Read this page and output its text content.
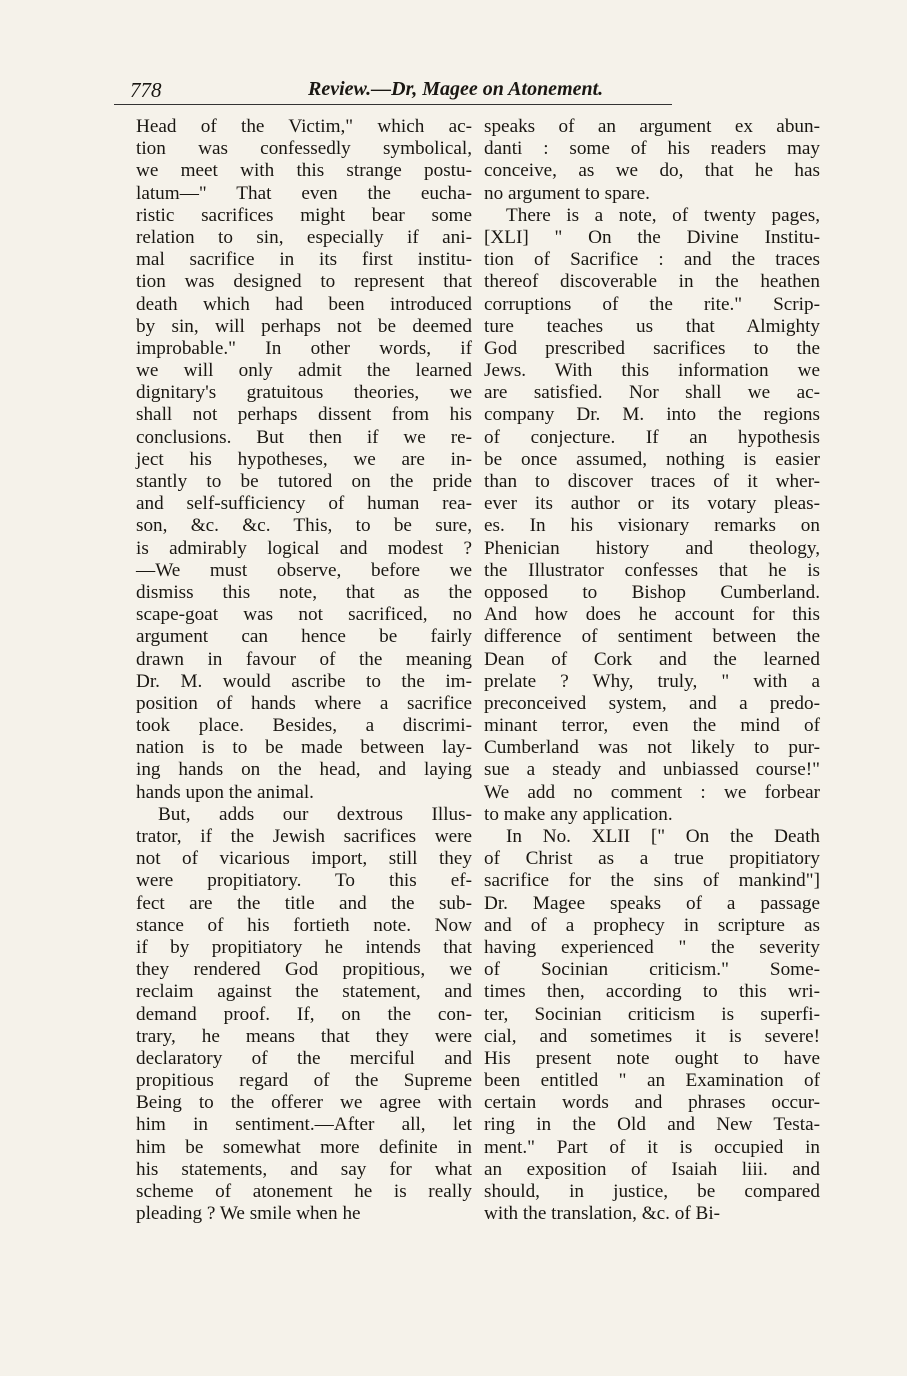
778	Review.—Dr, Magee on Atonement.
Head of the Victim," which ac-
tion was confessedly symbolical,
we meet with this strange postu-
latum—" That even the eucha-
ristic sacrifices might bear some
relation to sin, especially if ani-
mal sacrifice in its first institu-
tion was designed to represent that
death which had been introduced
by sin, will perhaps not be deemed
improbable." In other words, if
we will only admit the learned
dignitary's gratuitous theories, we
shall not perhaps dissent from his
conclusions. But then if we re-
ject his hypotheses, we are in-
stantly to be tutored on the pride
and self-sufficiency of human rea-
son, &c. &c. This, to be sure,
is admirably logical and modest ?
—We must observe, before we
dismiss this note, that as the
scape-goat was not sacrificed, no
argument can hence be fairly
drawn in favour of the meaning
Dr. M. would ascribe to the im-
position of hands where a sacrifice
took place. Besides, a discrimi-
nation is to be made between lay-
ing hands on the head, and laying
hands upon the animal.
But, adds our dextrous Illus-
trator, if the Jewish sacrifices were
not of vicarious import, still they
were propitiatory. To this ef-
fect are the title and the sub-
stance of his fortieth note. Now
if by propitiatory he intends that
they rendered God propitious, we
reclaim against the statement, and
demand proof. If, on the con-
trary, he means that they were
declaratory of the merciful and
propitious regard of the Supreme
Being to the offerer we agree with
him in sentiment.—After all, let
him be somewhat more definite in
his statements, and say for what
scheme of atonement he is really
pleading ? We smile when he
speaks of an argument ex abun-
danti : some of his readers may
conceive, as we do, that he has
no argument to spare.
There is a note, of twenty pages,
[XLI] " On the Divine Institu-
tion of Sacrifice : and the traces
thereof discoverable in the heathen
corruptions of the rite." Scrip-
ture teaches us that Almighty
God prescribed sacrifices to the
Jews. With this information we
are satisfied. Nor shall we ac-
company Dr. M. into the regions
of conjecture. If an hypothesis
be once assumed, nothing is easier
than to discover traces of it wher-
ever its author or its votary pleas-
es. In his visionary remarks on
Phenician history and theology,
the Illustrator confesses that he is
opposed to Bishop Cumberland.
And how does he account for this
difference of sentiment between the
Dean of Cork and the learned
prelate ? Why, truly, " with a
preconceived system, and a predo-
minant terror, even the mind of
Cumberland was not likely to pur-
sue a steady and unbiassed course!"
We add no comment : we forbear
to make any application.
In No. XLII [" On the Death
of Christ as a true propitiatory
sacrifice for the sins of mankind"]
Dr. Magee speaks of a passage
and of a prophecy in scripture as
having experienced " the severity
of Socinian criticism." Some-
times then, according to this wri-
ter, Socinian criticism is superfi-
cial, and sometimes it is severe!
His present note ought to have
been entitled " an Examination of
certain words and phrases occur-
ring in the Old and New Testa-
ment." Part of it is occupied in
an exposition of Isaiah liii. and
should, in justice, be compared
with the translation, &c. of Bi-
